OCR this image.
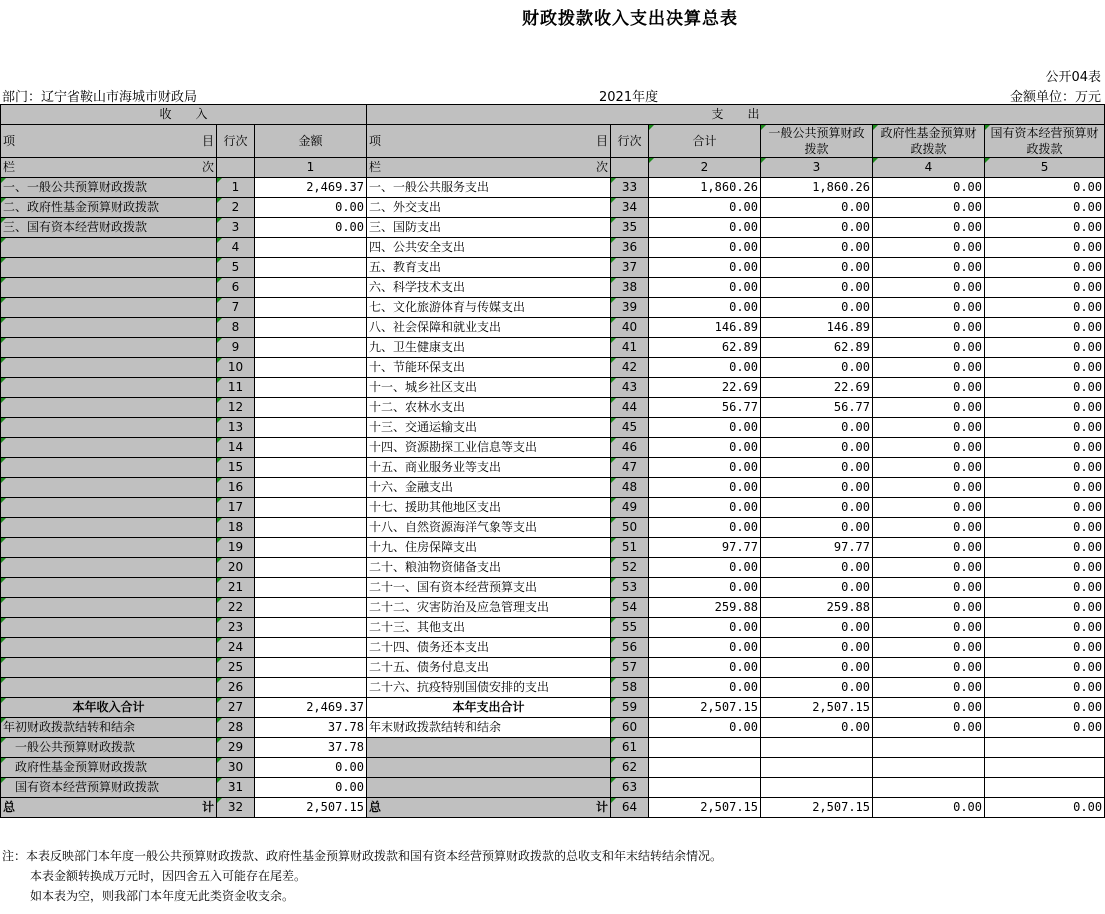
财政拨款收入支出决算总表
公开04表
部门：辽宁省鞍山市海城市财政局	2021年度	金额单位：万元
收　　入			支　　出					

项 目	行次	金额	项 目	行次	合计	一般公共预算财政拨款	政府性基金预算财政拨款	国有资本经营预算财政拨款

栏 次		1	栏 次		2	3	4	5
一、一般公共预算财政拨款	1	2,469.37	一、一般公共服务支出	33	1,860.26	1,860.26	0.00	0.00
二、政府性基金预算财政拨款	2	0.00	二、外交支出	34	0.00	0.00	0.00	0.00
三、国有资本经营财政拨款	3	0.00	三、国防支出	35	0.00	0.00	0.00	0.00
	4		四、公共安全支出	36	0.00	0.00	0.00	0.00
	5		五、教育支出	37	0.00	0.00	0.00	0.00
	6		六、科学技术支出	38	0.00	0.00	0.00	0.00
	7		七、文化旅游体育与传媒支出	39	0.00	0.00	0.00	0.00
	8		八、社会保障和就业支出	40	146.89	146.89	0.00	0.00
	9		九、卫生健康支出	41	62.89	62.89	0.00	0.00
	10		十、节能环保支出	42	0.00	0.00	0.00	0.00
	11		十一、城乡社区支出	43	22.69	22.69	0.00	0.00
	12		十二、农林水支出	44	56.77	56.77	0.00	0.00
	13		十三、交通运输支出	45	0.00	0.00	0.00	0.00
	14		十四、资源勘探工业信息等支出	46	0.00	0.00	0.00	0.00
	15		十五、商业服务业等支出	47	0.00	0.00	0.00	0.00
	16		十六、金融支出	48	0.00	0.00	0.00	0.00
	17		十七、援助其他地区支出	49	0.00	0.00	0.00	0.00
	18		十八、自然资源海洋气象等支出	50	0.00	0.00	0.00	0.00
	19		十九、住房保障支出	51	97.77	97.77	0.00	0.00
	20		二十、粮油物资储备支出	52	0.00	0.00	0.00	0.00
	21		二十一、国有资本经营预算支出	53	0.00	0.00	0.00	0.00
	22		二十二、灾害防治及应急管理支出	54	259.88	259.88	0.00	0.00
	23		二十三、其他支出	55	0.00	0.00	0.00	0.00
	24		二十四、债务还本支出	56	0.00	0.00	0.00	0.00
	25		二十五、债务付息支出	57	0.00	0.00	0.00	0.00
	26		二十六、抗疫特别国债安排的支出	58	0.00	0.00	0.00	0.00
本年收入合计	27	2,469.37	本年支出合计	59	2,507.15	2,507.15	0.00	0.00
年初财政拨款结转和结余	28	37.78	年末财政拨款结转和结余	60	0.00	0.00	0.00	0.00
一般公共预算财政拨款	29	37.78		61				
政府性基金预算财政拨款	30	0.00		62				
国有资本经营预算财政拨款	31	0.00		63				

总 计	32	2,507.15	总 计	64	2,507.15	2,507.15	0.00	0.00
注：本表反映部门本年度一般公共预算财政拨款、政府性基金预算财政拨款和国有资本经营预算财政拨款的总收支和年末结转结余情况。
本表金额转换成万元时，因四舍五入可能存在尾差。
如本表为空，则我部门本年度无此类资金收支余。
